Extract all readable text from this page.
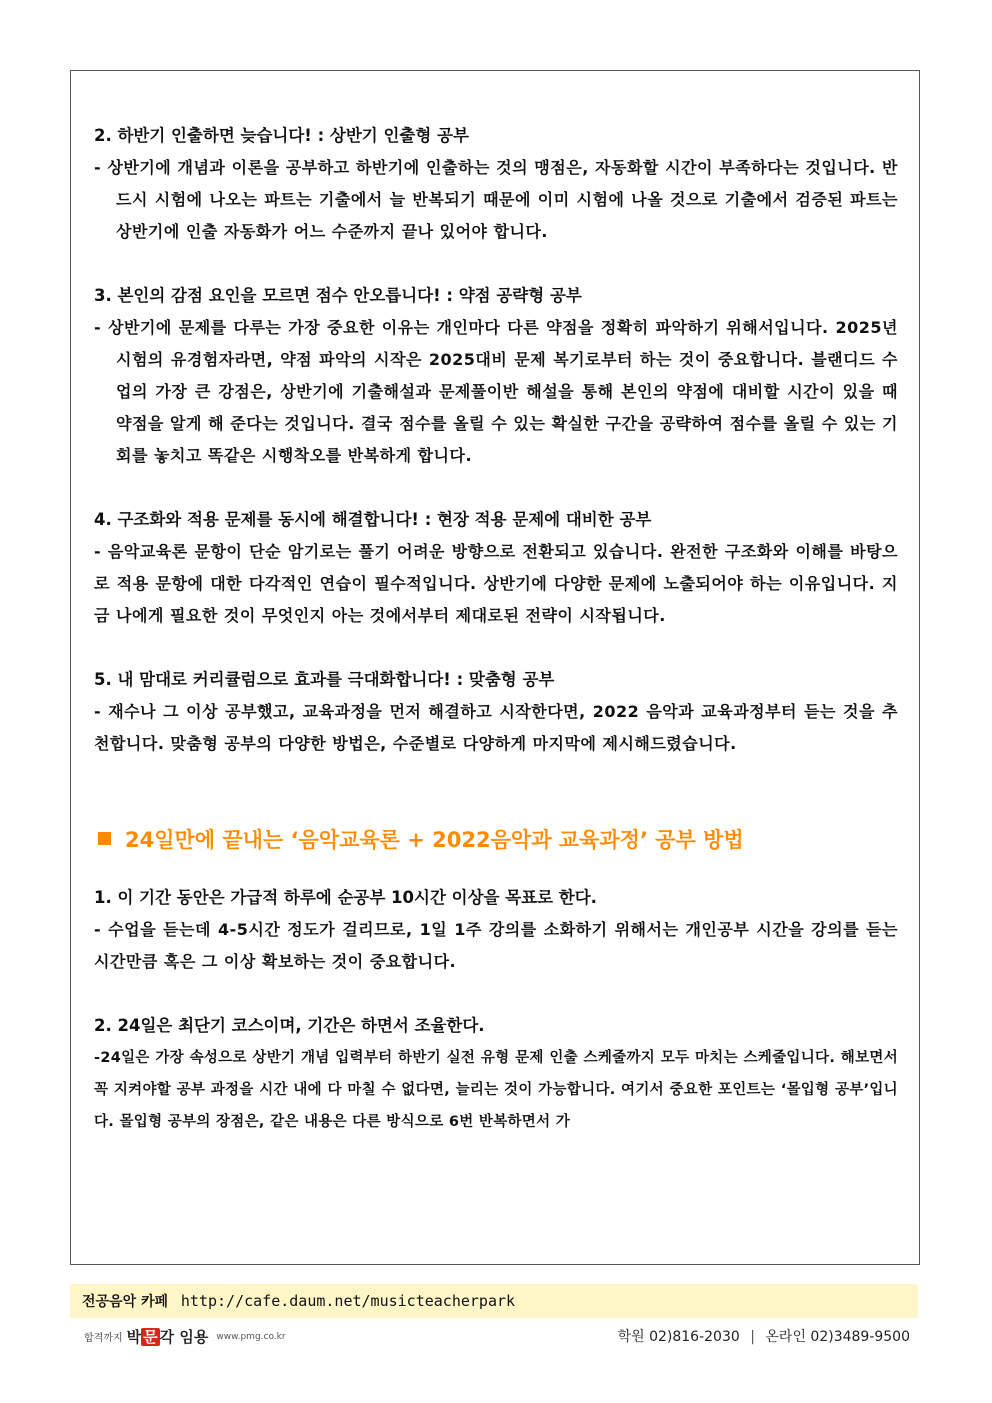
2. 하반기 인출하면 늦습니다! : 상반기 인출형 공부
- 상반기에 개념과 이론을 공부하고 하반기에 인출하는 것의 맹점은, 자동화할 시간이 부족하다는 것입니다. 반드시 시험에 나오는 파트는 기출에서 늘 반복되기 때문에 이미 시험에 나올 것으로 기출에서 검증된 파트는 상반기에 인출 자동화가 어느 수준까지 끝나 있어야 합니다.
3. 본인의 감점 요인을 모르면 점수 안오릅니다! : 약점 공략형 공부
- 상반기에 문제를 다루는 가장 중요한 이유는 개인마다 다른 약점을 정확히 파악하기 위해서입니다. 2025년 시험의 유경험자라면, 약점 파악의 시작은 2025대비 문제 복기로부터 하는 것이 중요합니다. 블랜디드 수업의 가장 큰 강점은, 상반기에 기출해설과 문제풀이반 해설을 통해 본인의 약점에 대비할 시간이 있을 때 약점을 알게 해 준다는 것입니다. 결국 점수를 올릴 수 있는 확실한 구간을 공략하여 점수를 올릴 수 있는 기회를 놓치고 똑같은 시행착오를 반복하게 합니다.
4. 구조화와 적용 문제를 동시에 해결합니다! : 현장 적용 문제에 대비한 공부
- 음악교육론 문항이 단순 암기로는 풀기 어려운 방향으로 전환되고 있습니다. 완전한 구조화와 이해를 바탕으로 적용 문항에 대한 다각적인 연습이 필수적입니다. 상반기에 다양한 문제에 노출되어야 하는 이유입니다. 지금 나에게 필요한 것이 무엇인지 아는 것에서부터 제대로된 전략이 시작됩니다.
5. 내 맘대로 커리큘럼으로 효과를 극대화합니다! : 맞춤형 공부
- 재수나 그 이상 공부했고, 교육과정을 먼저 해결하고 시작한다면, 2022 음악과 교육과정부터 듣는 것을 추천합니다. 맞춤형 공부의 다양한 방법은, 수준별로 다양하게 마지막에 제시해드렸습니다.
24일만에 끝내는 ‘음악교육론 + 2022음악과 교육과정’ 공부 방법
1. 이 기간 동안은 가급적 하루에 순공부 10시간 이상을 목표로 한다.
- 수업을 듣는데 4-5시간 정도가 걸리므로, 1일 1주 강의를 소화하기 위해서는 개인공부 시간을 강의를 듣는 시간만큼 혹은 그 이상 확보하는 것이 중요합니다.
2. 24일은 최단기 코스이며, 기간은 하면서 조율한다.
-24일은 가장 속성으로 상반기 개념 입력부터 하반기 실전 유형 문제 인출 스케줄까지 모두 마치는 스케줄입니다. 해보면서 꼭 지켜야할 공부 과정을 시간 내에 다 마칠 수 없다면, 늘리는 것이 가능합니다. 여기서 중요한 포인트는 ‘몰입형 공부’입니다. 몰입형 공부의 장점은, 같은 내용은 다른 방식으로 6번 반복하면서 가
전공음악 카페 http://cafe.daum.net/musicteacherpark
합격까지 박 문 각 임용 www.pmg.co.kr	학원 02)816-2030 | 온라인 02)3489-9500
